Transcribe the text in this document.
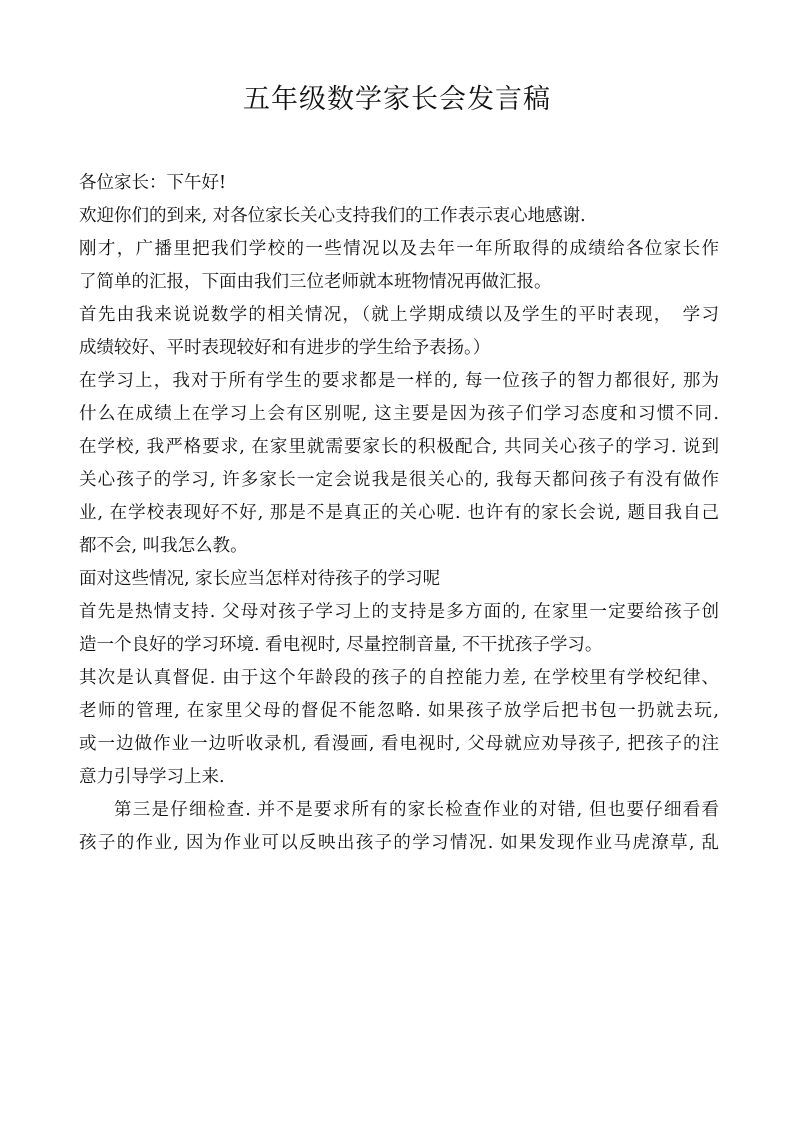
五年级数学家长会发言稿
各位家长：下午好!
欢迎你们的到来, 对各位家长关心支持我们的工作表示衷心地感谢.
刚才，广播里把我们学校的一些情况以及去年一年所取得的成绩给各位家长作
了简单的汇报，下面由我们三位老师就本班物情况再做汇报。
首先由我来说说数学的相关情况，（就上学期成绩以及学生的平时表现，　学习
成绩较好、平时表现较好和有进步的学生给予表扬。）
在学习上，我对于所有学生的要求都是一样的, 每一位孩子的智力都很好, 那为
什么在成绩上在学习上会有区别呢, 这主要是因为孩子们学习态度和习惯不同.
在学校, 我严格要求, 在家里就需要家长的积极配合, 共同关心孩子的学习. 说到
关心孩子的学习, 许多家长一定会说我是很关心的, 我每天都问孩子有没有做作
业, 在学校表现好不好, 那是不是真正的关心呢. 也许有的家长会说, 题目我自己
都不会, 叫我怎么教。
面对这些情况, 家长应当怎样对待孩子的学习呢
首先是热情支持. 父母对孩子学习上的支持是多方面的, 在家里一定要给孩子创
造一个良好的学习环境. 看电视时, 尽量控制音量, 不干扰孩子学习。
其次是认真督促. 由于这个年龄段的孩子的自控能力差, 在学校里有学校纪律、
老师的管理, 在家里父母的督促不能忽略. 如果孩子放学后把书包一扔就去玩,
或一边做作业一边听收录机, 看漫画, 看电视时, 父母就应劝导孩子, 把孩子的注
意力引导学习上来.
第三是仔细检查. 并不是要求所有的家长检查作业的对错, 但也要仔细看看
孩子的作业, 因为作业可以反映出孩子的学习情况. 如果发现作业马虎潦草, 乱
